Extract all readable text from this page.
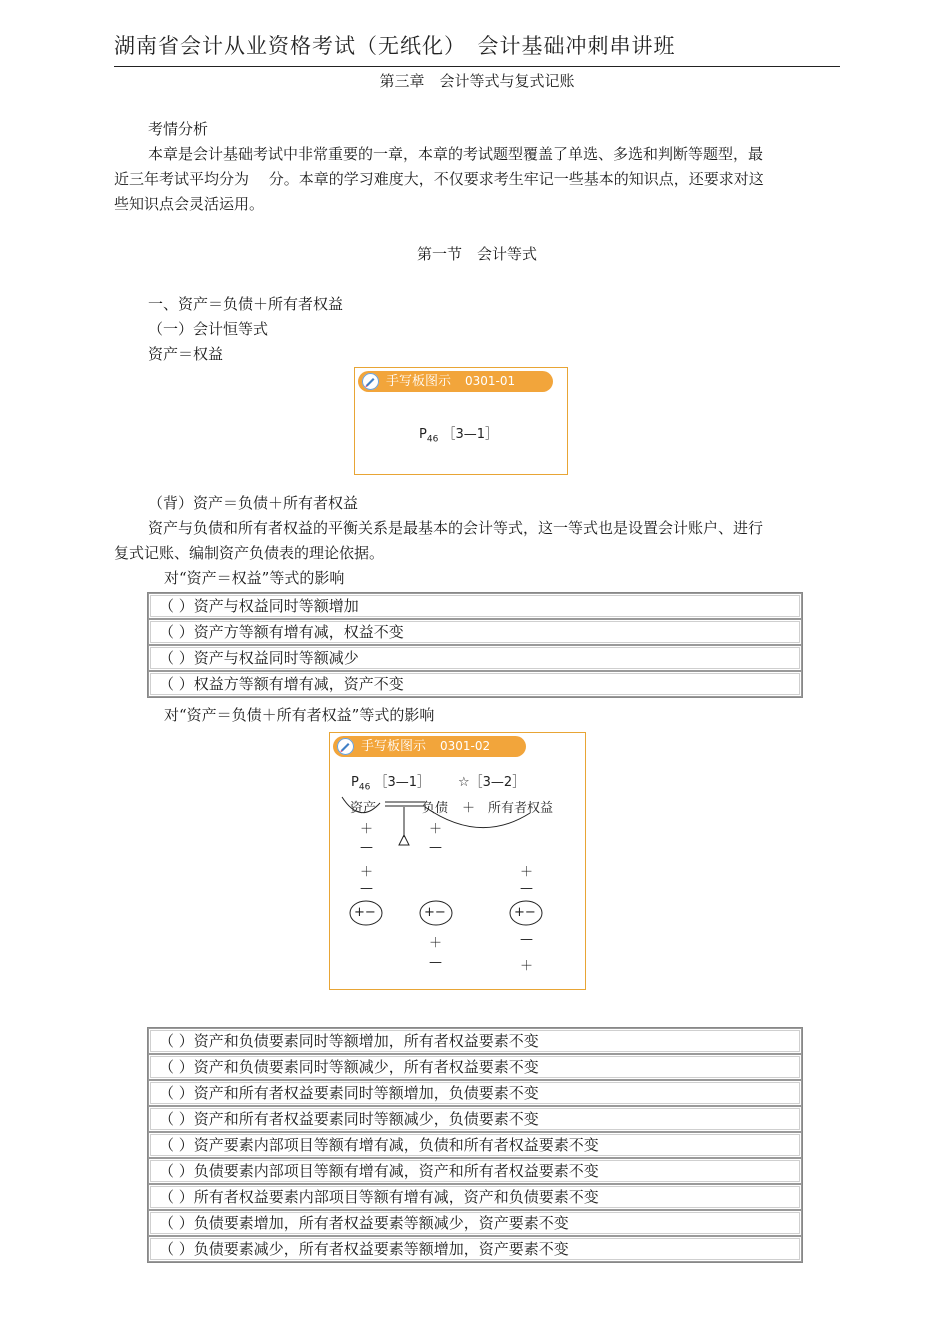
湖南省会计从业资格考试（无纸化）　会计基础冲刺串讲班
第三章　会计等式与复式记账
考情分析
本章是会计基础考试中非常重要的一章，本章的考试题型覆盖了单选、多选和判断等题型，最
近三年考试平均分为　 分。本章的学习难度大，不仅要求考生牢记一些基本的知识点，还要求对这
些知识点会灵活运用。
第一节　会计等式
一、资产＝负债＋所有者权益
（一）会计恒等式
资产＝权益
手写板图示 0301-01
$P_{46}$ ［3—1］
（背）资产＝负债＋所有者权益
资产与负债和所有者权益的平衡关系是最基本的会计等式，这一等式也是设置会计账户、进行
复式记账、编制资产负债表的理论依据。
对“资产＝权益”等式的影响
（ ）资产与权益同时等额增加
（ ）资产方等额有增有减，权益不变
（ ）资产与权益同时等额减少
（ ）权益方等额有增有减，资产不变
对“资产＝负债＋所有者权益”等式的影响
手写板图示 0301-02
$P_{46}$ ［3—1］ ☆［3—2］
资产	负债 ＋ 所有者权益
＋
—
＋
—
+−
＋
—
+−
＋
—
＋
—
+−
—
＋
（ ）资产和负债要素同时等额增加，所有者权益要素不变
（ ）资产和负债要素同时等额减少，所有者权益要素不变
（ ）资产和所有者权益要素同时等额增加，负债要素不变
（ ）资产和所有者权益要素同时等额减少，负债要素不变
（ ）资产要素内部项目等额有增有减，负债和所有者权益要素不变
（ ）负债要素内部项目等额有增有减，资产和所有者权益要素不变
（ ）所有者权益要素内部项目等额有增有减，资产和负债要素不变
（ ）负债要素增加，所有者权益要素等额减少，资产要素不变
（ ）负债要素减少，所有者权益要素等额增加，资产要素不变
